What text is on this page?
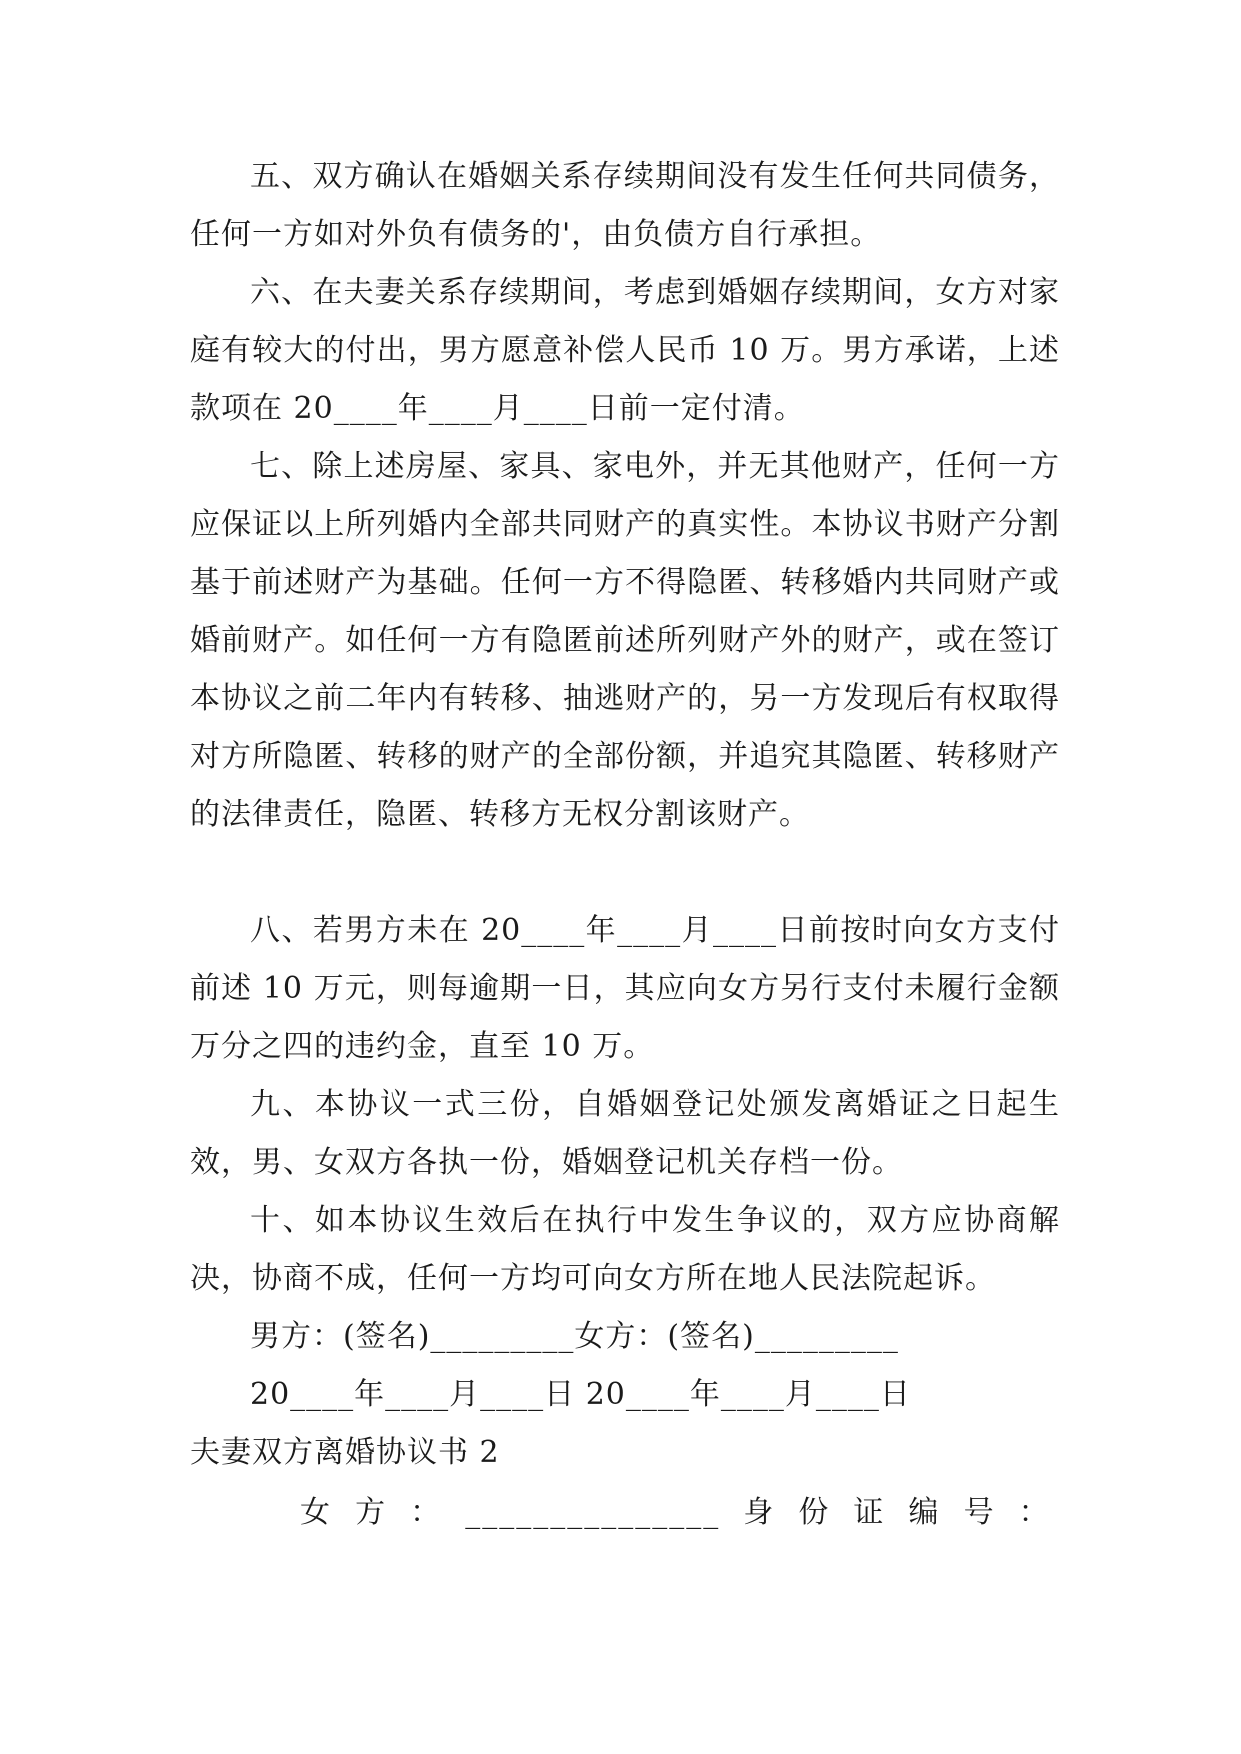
五、双方确认在婚姻关系存续期间没有发生任何共同债务，任何一方如对外负有债务的'，由负债方自行承担。

六、在夫妻关系存续期间，考虑到婚姻存续期间，女方对家庭有较大的付出，男方愿意补偿人民币 10 万。男方承诺，上述款项在 20____年____月____日前一定付清。

七、除上述房屋、家具、家电外，并无其他财产，任何一方应保证以上所列婚内全部共同财产的真实性。本协议书财产分割基于前述财产为基础。任何一方不得隐匿、转移婚内共同财产或婚前财产。如任何一方有隐匿前述所列财产外的财产，或在签订本协议之前二年内有转移、抽逃财产的，另一方发现后有权取得对方所隐匿、转移的财产的全部份额，并追究其隐匿、转移财产的法律责任，隐匿、转移方无权分割该财产。

八、若男方未在 20____年____月____日前按时向女方支付前述 10 万元，则每逾期一日，其应向女方另行支付未履行金额万分之四的违约金，直至 10 万。

九、本协议一式三份，自婚姻登记处颁发离婚证之日起生效，男、女双方各执一份，婚姻登记机关存档一份。

十、如本协议生效后在执行中发生争议的，双方应协商解决，协商不成，任何一方均可向女方所在地人民法院起诉。

男方：(签名)_________女方：(签名)_________

20____年____月____日 20____年____月____日

夫妻双方离婚协议书 2

女  方  ：  _______________  身  份  证  编  号  ：
